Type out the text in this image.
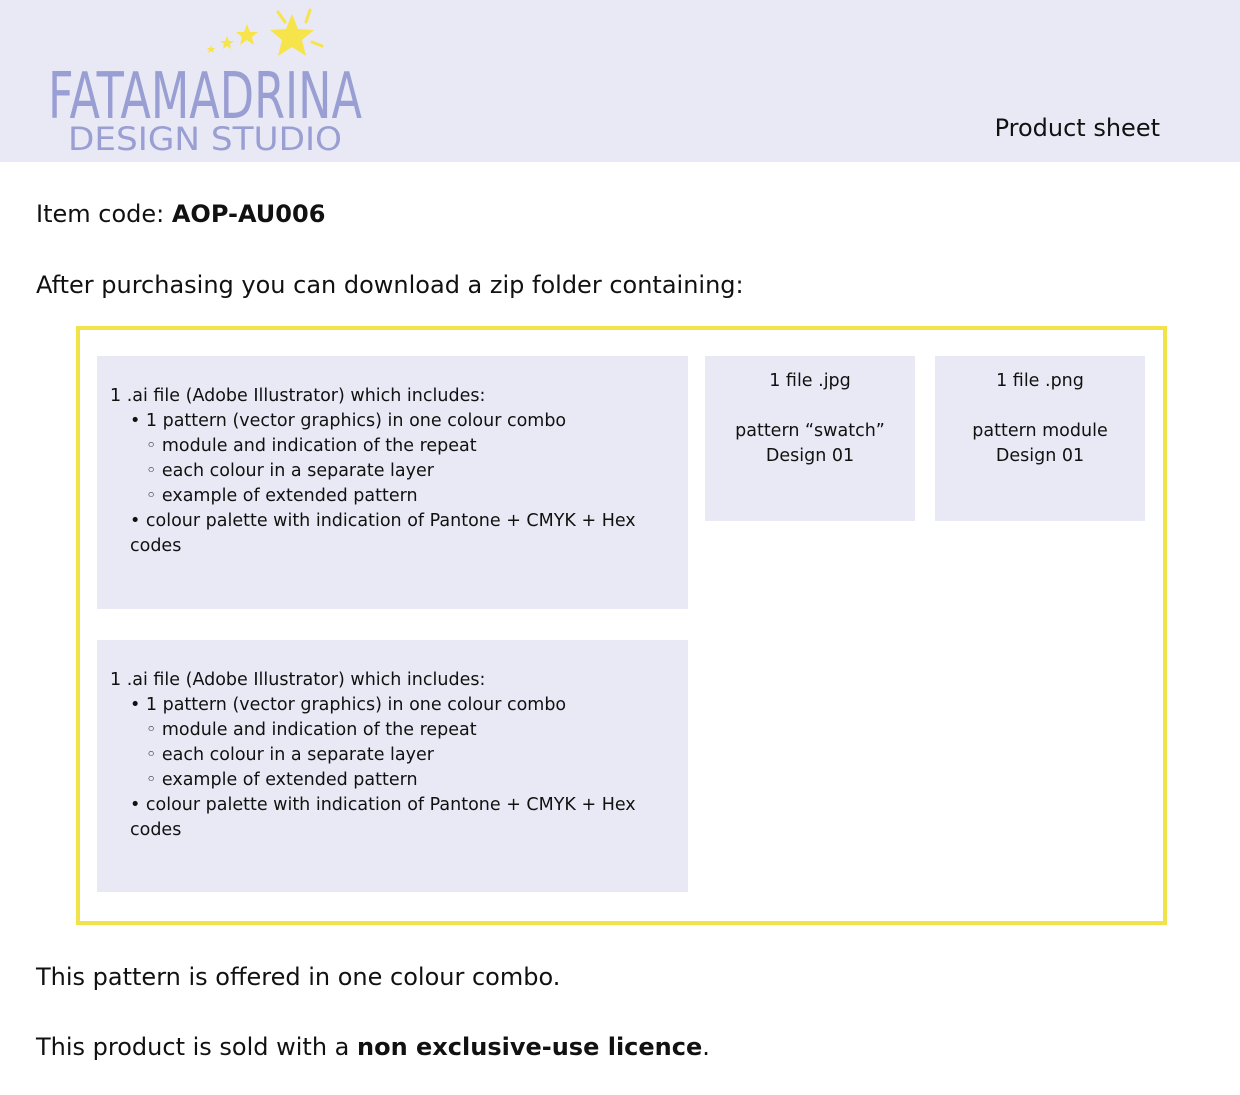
FATAMADRINA
DESIGN STUDIO	Product sheet
Item code: AOP-AU006
After purchasing you can download a zip folder containing:
1 .ai file (Adobe Illustrator) which includes:
• 1 pattern (vector graphics) in one colour combo
◦ module and indication of the repeat
◦ each colour in a separate layer
◦ example of extended pattern
• colour palette with indication of Pantone + CMYK + Hex codes
1 .ai file (Adobe Illustrator) which includes:
• 1 pattern (vector graphics) in one colour combo
◦ module and indication of the repeat
◦ each colour in a separate layer
◦ example of extended pattern
• colour palette with indication of Pantone + CMYK + Hex codes
1 file .jpg
pattern “swatch”
Design 01
1 file .png
pattern module
Design 01
This pattern is offered in one colour combo.
This product is sold with a non exclusive-use licence.
